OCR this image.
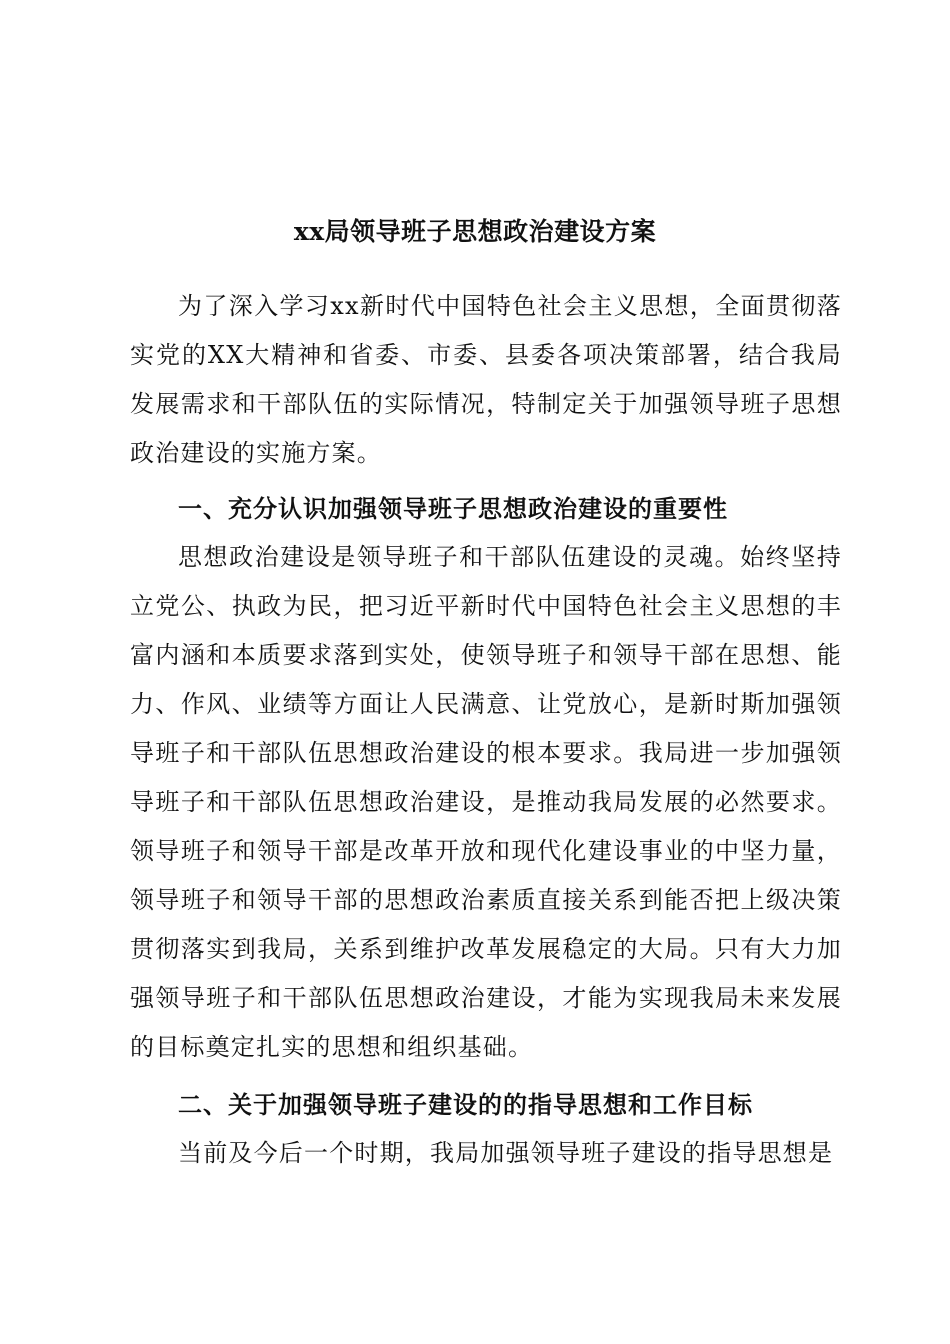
xx局领导班子思想政治建设方案

为了深入学习xx新时代中国特色社会主义思想，全面贯彻落实党的XX大精神和省委、市委、县委各项决策部署，结合我局发展需求和干部队伍的实际情况，特制定关于加强领导班子思想政治建设的实施方案。

一、充分认识加强领导班子思想政治建设的重要性

思想政治建设是领导班子和干部队伍建设的灵魂。始终坚持立党公、执政为民，把习近平新时代中国特色社会主义思想的丰富内涵和本质要求落到实处，使领导班子和领导干部在思想、能力、作风、业绩等方面让人民满意、让党放心，是新时斯加强领导班子和干部队伍思想政治建设的根本要求。我局进一步加强领导班子和干部队伍思想政治建设，是推动我局发展的必然要求。领导班子和领导干部是改革开放和现代化建设事业的中坚力量，领导班子和领导干部的思想政治素质直接关系到能否把上级决策贯彻落实到我局，关系到维护改革发展稳定的大局。只有大力加强领导班子和干部队伍思想政治建设，才能为实现我局未来发展的目标奠定扎实的思想和组织基础。

二、关于加强领导班子建设的的指导思想和工作目标

当前及今后一个时期，我局加强领导班子建设的指导思想是
